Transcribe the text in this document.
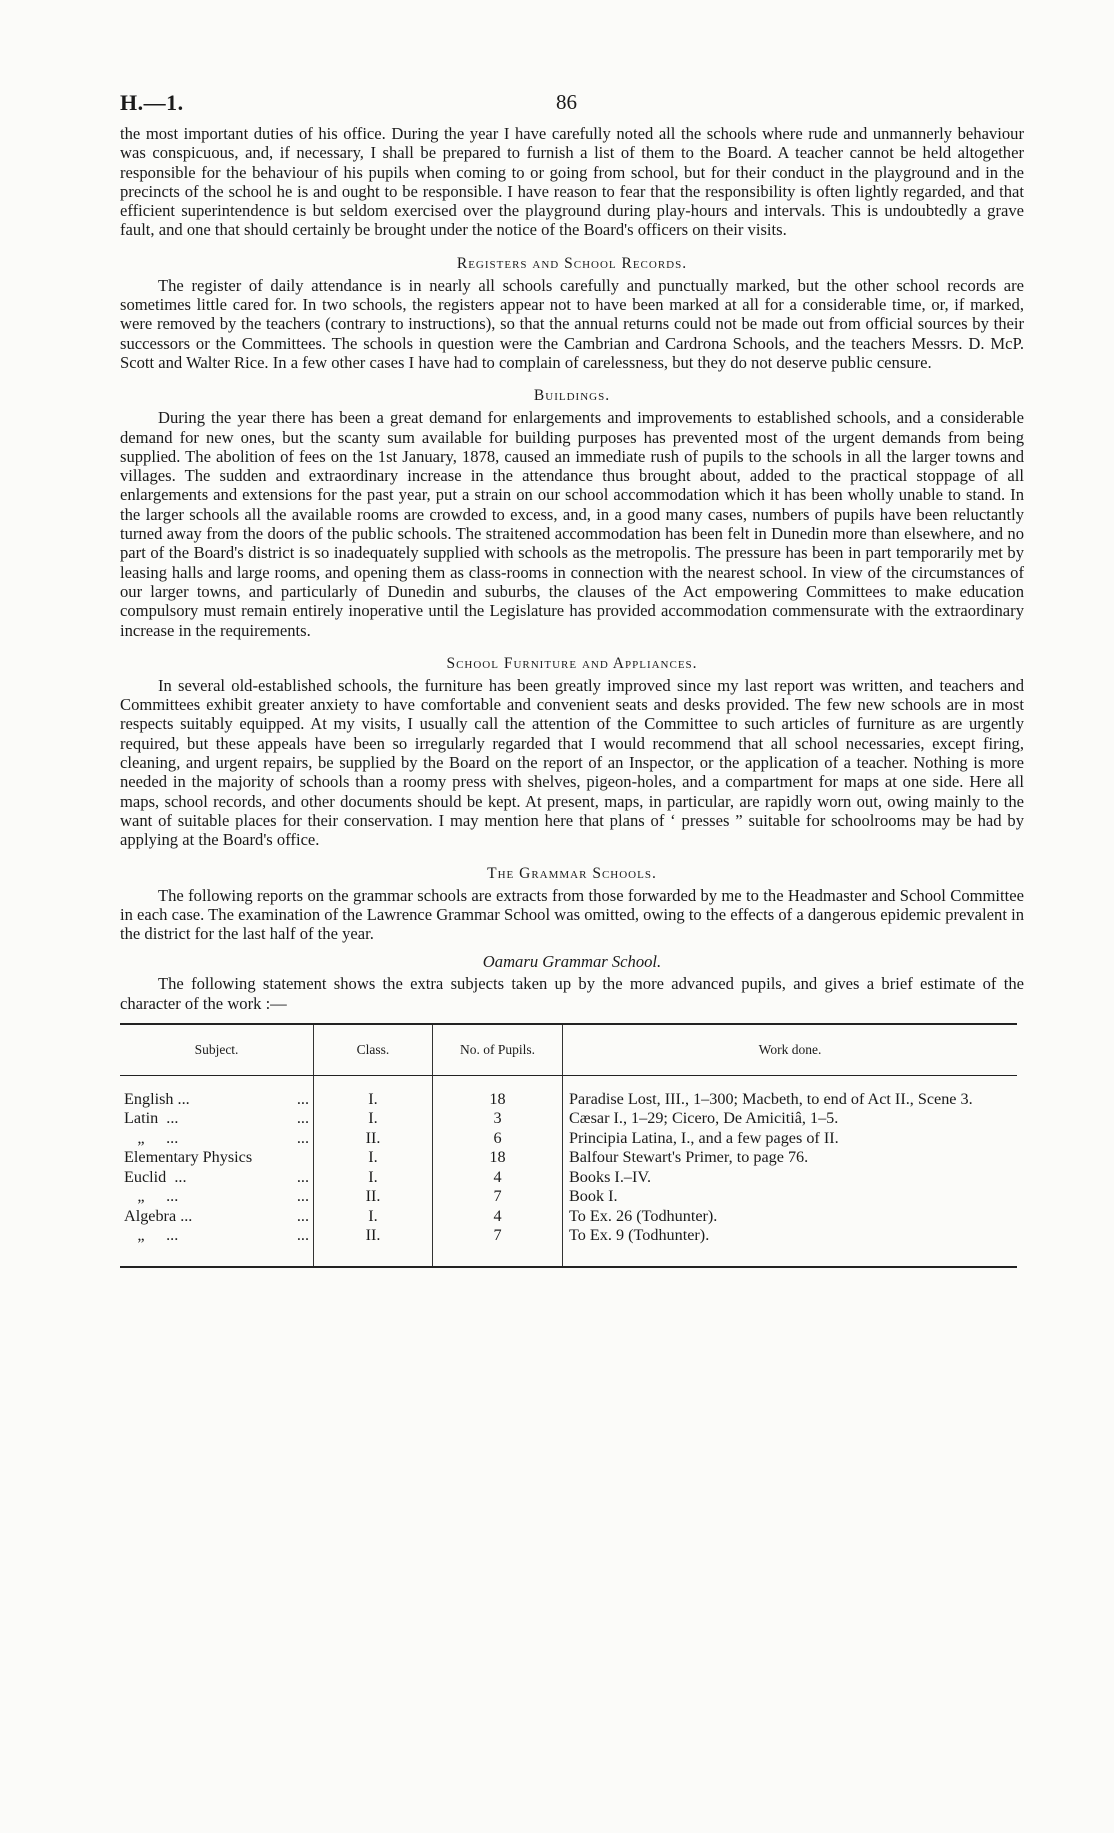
H.—1.	86

the most important duties of his office. During the year I have carefully noted all the schools where rude and unmannerly behaviour was conspicuous, and, if necessary, I shall be prepared to furnish a list of them to the Board. A teacher cannot be held altogether responsible for the behaviour of his pupils when coming to or going from school, but for their conduct in the playground and in the precincts of the school he is and ought to be responsible. I have reason to fear that the responsibility is often lightly regarded, and that efficient superintendence is but seldom exercised over the playground during play-hours and intervals. This is undoubtedly a grave fault, and one that should certainly be brought under the notice of the Board's officers on their visits.

Registers and School Records.

The register of daily attendance is in nearly all schools carefully and punctually marked, but the other school records are sometimes little cared for. In two schools, the registers appear not to have been marked at all for a considerable time, or, if marked, were removed by the teachers (contrary to instructions), so that the annual returns could not be made out from official sources by their successors or the Committees. The schools in question were the Cambrian and Cardrona Schools, and the teachers Messrs. D. McP. Scott and Walter Rice. In a few other cases I have had to complain of carelessness, but they do not deserve public censure.

Buildings.

During the year there has been a great demand for enlargements and improvements to established schools, and a considerable demand for new ones, but the scanty sum available for building purposes has prevented most of the urgent demands from being supplied. The abolition of fees on the 1st January, 1878, caused an immediate rush of pupils to the schools in all the larger towns and villages. The sudden and extraordinary increase in the attendance thus brought about, added to the practical stoppage of all enlargements and extensions for the past year, put a strain on our school accommodation which it has been wholly unable to stand. In the larger schools all the available rooms are crowded to excess, and, in a good many cases, numbers of pupils have been reluctantly turned away from the doors of the public schools. The straitened accommodation has been felt in Dunedin more than elsewhere, and no part of the Board's district is so inadequately supplied with schools as the metropolis. The pressure has been in part temporarily met by leasing halls and large rooms, and opening them as class-rooms in connection with the nearest school. In view of the circumstances of our larger towns, and particularly of Dunedin and suburbs, the clauses of the Act empowering Committees to make education compulsory must remain entirely inoperative until the Legislature has provided accommodation commensurate with the extraordinary increase in the requirements.

School Furniture and Appliances.

In several old-established schools, the furniture has been greatly improved since my last report was written, and teachers and Committees exhibit greater anxiety to have comfortable and convenient seats and desks provided. The few new schools are in most respects suitably equipped. At my visits, I usually call the attention of the Committee to such articles of furniture as are urgently required, but these appeals have been so irregularly regarded that I would recommend that all school necessaries, except firing, cleaning, and urgent repairs, be supplied by the Board on the report of an Inspector, or the application of a teacher. Nothing is more needed in the majority of schools than a roomy press with shelves, pigeon-holes, and a compartment for maps at one side. Here all maps, school records, and other documents should be kept. At present, maps, in particular, are rapidly worn out, owing mainly to the want of suitable places for their conservation. I may mention here that plans of ‘ presses ” suitable for schoolrooms may be had by applying at the Board's office.

The Grammar Schools.

The following reports on the grammar schools are extracts from those forwarded by me to the Headmaster and School Committee in each case. The examination of the Lawrence Grammar School was omitted, owing to the effects of a dangerous epidemic prevalent in the district for the last half of the year.

Oamaru Grammar School.

The following statement shows the extra subjects taken up by the more advanced pupils, and gives a brief estimate of the character of the work :—

Subject.	Class.	No. of Pupils.	Work done.
English ... ...	I.	18	Paradise Lost, III., 1–300; Macbeth, to end of Act II., Scene 3.
Latin ... ...	I.	3	Cæsar I., 1–29; Cicero, De Amicitiâ, 1–5.
„ ... ...	II.	6	Principia Latina, I., and a few pages of II.
Elementary Physics	I.	18	Balfour Stewart's Primer, to page 76.
Euclid ... ...	I.	4	Books I.–IV.
„ ... ...	II.	7	Book I.
Algebra ... ...	I.	4	To Ex. 26 (Todhunter).
„ ... ...	II.	7	To Ex. 9 (Todhunter).
